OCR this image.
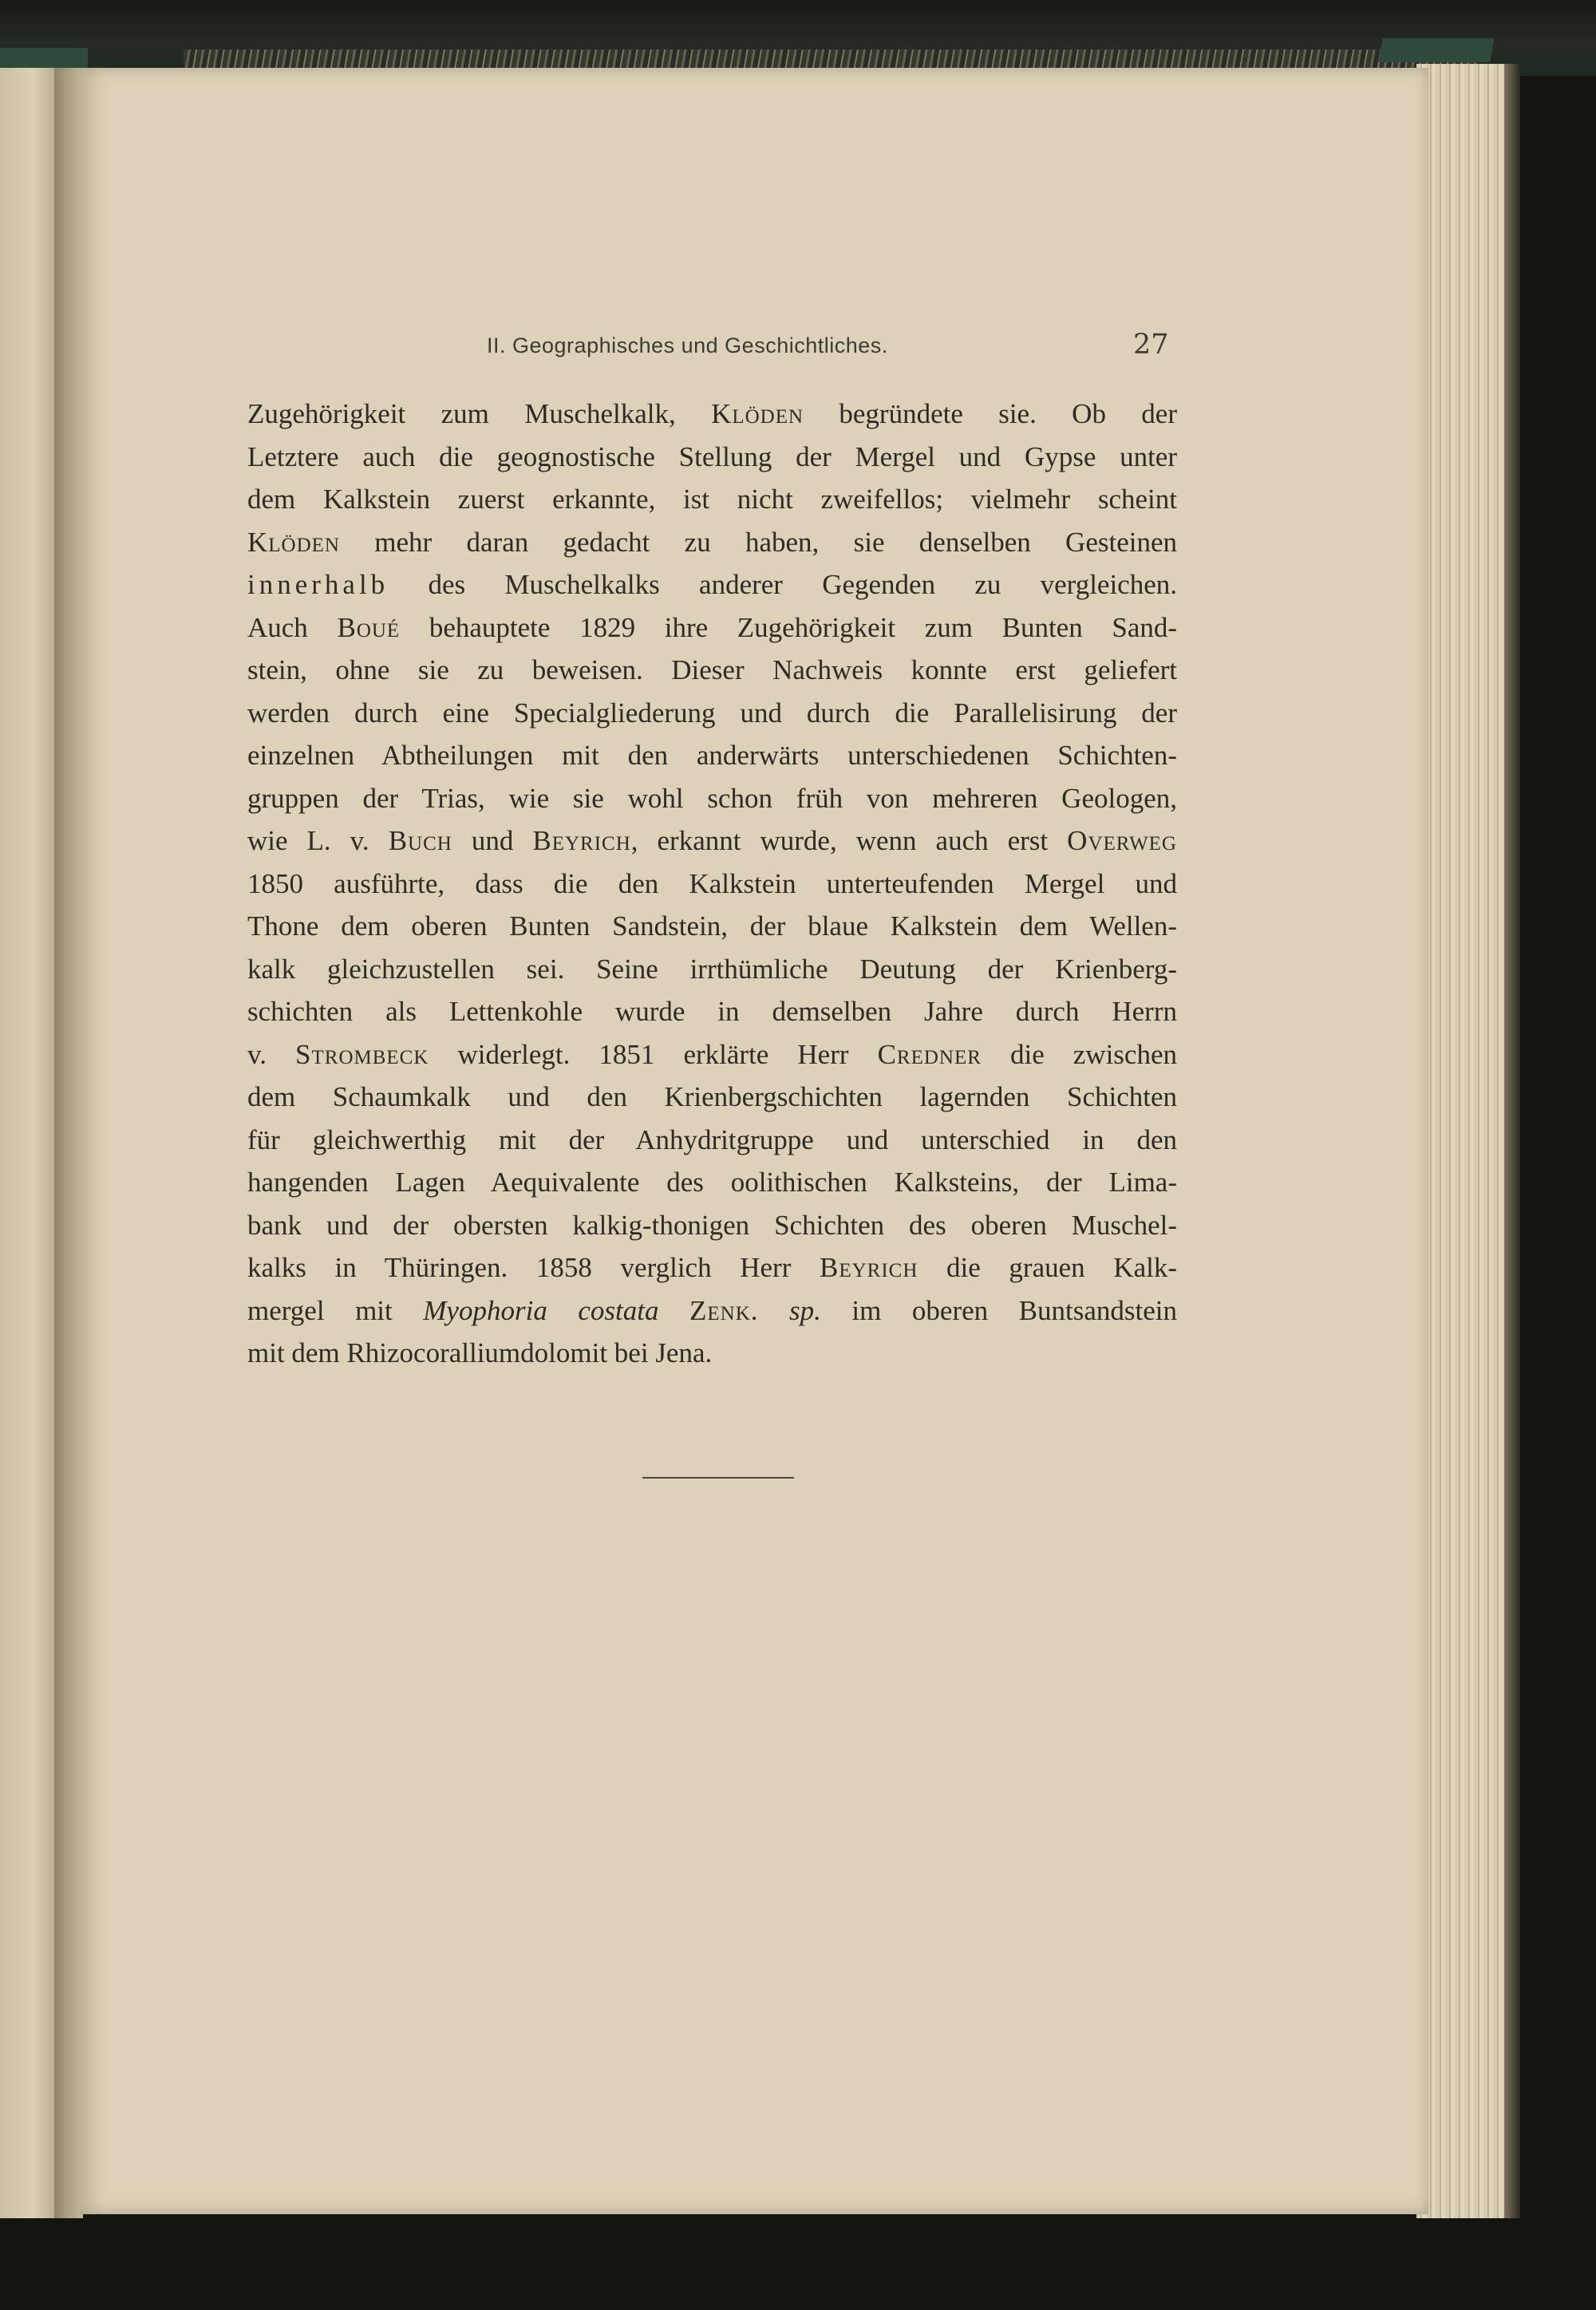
II. Geographisches und Geschichtliches.	27
Zugehörigkeit zum Muschelkalk, Klöden begründete sie. Ob der
Letztere auch die geognostische Stellung der Mergel und Gypse unter
dem Kalkstein zuerst erkannte, ist nicht zweifellos; vielmehr scheint
Klöden mehr daran gedacht zu haben, sie denselben Gesteinen
innerhalb des Muschelkalks anderer Gegenden zu vergleichen.
Auch Boué behauptete 1829 ihre Zugehörigkeit zum Bunten Sand-
stein, ohne sie zu beweisen. Dieser Nachweis konnte erst geliefert
werden durch eine Specialgliederung und durch die Parallelisirung der
einzelnen Abtheilungen mit den anderwärts unterschiedenen Schichten-
gruppen der Trias, wie sie wohl schon früh von mehreren Geologen,
wie L. v. Buch und Beyrich, erkannt wurde, wenn auch erst Overweg
1850 ausführte, dass die den Kalkstein unterteufenden Mergel und
Thone dem oberen Bunten Sandstein, der blaue Kalkstein dem Wellen-
kalk gleichzustellen sei. Seine irrthümliche Deutung der Krienberg-
schichten als Lettenkohle wurde in demselben Jahre durch Herrn
v. Strombeck widerlegt. 1851 erklärte Herr Credner die zwischen
dem Schaumkalk und den Krienbergschichten lagernden Schichten
für gleichwerthig mit der Anhydritgruppe und unterschied in den
hangenden Lagen Aequivalente des oolithischen Kalksteins, der Lima-
bank und der obersten kalkig-thonigen Schichten des oberen Muschel-
kalks in Thüringen. 1858 verglich Herr Beyrich die grauen Kalk-
mergel mit Myophoria costata Zenk. sp. im oberen Buntsandstein
mit dem Rhizocoralliumdolomit bei Jena.
